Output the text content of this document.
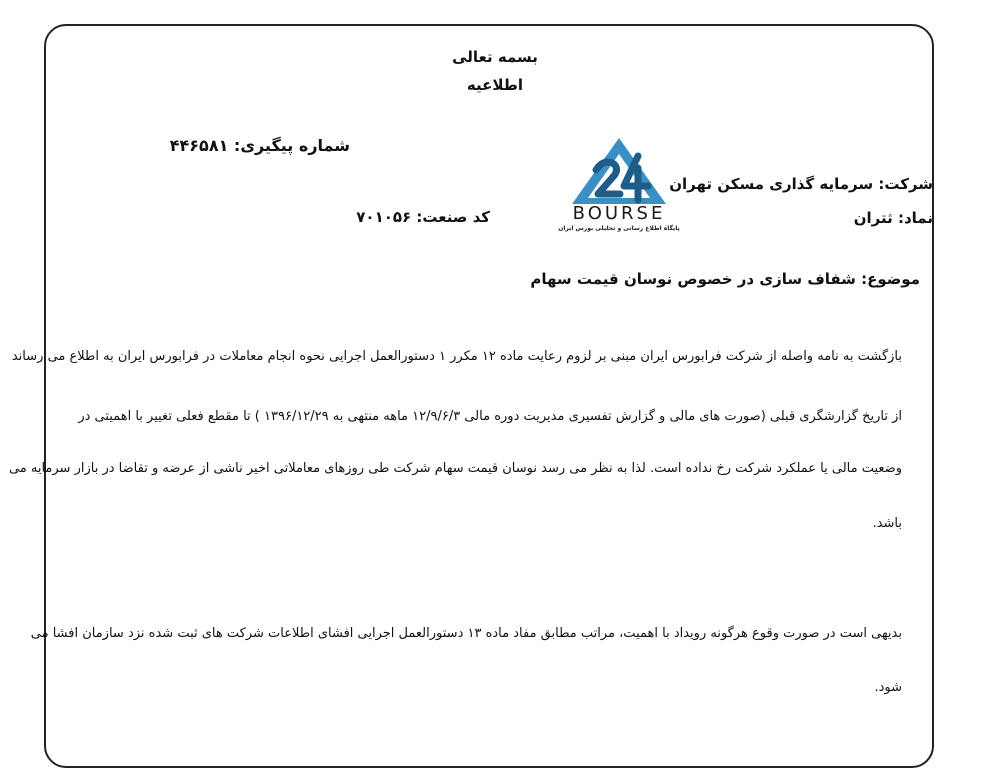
بسمه تعالی
اطلاعیه
شماره پیگیری: ۴۴۶۵۸۱
کد صنعت: ۷۰۱۰۵۶
شرکت: سرمایه گذاری مسکن تهران
نماد: ثتران
BOURSE
پایگاه اطلاع رسانی و تحلیلی بورس ایران
موضوع: شفاف سازی در خصوص نوسان قیمت سهام
بازگشت به نامه واصله از شرکت فرابورس ایران مبنی بر لزوم رعایت ماده ۱۲ مکرر ۱ دستورالعمل اجرایی نحوه انجام معاملات در فرابورس ایران به اطلاع می رساند
از تاریخ گزارشگری قبلی (صورت های مالی و گزارش تفسیری مدیریت دوره مالی ۱۲/۹/۶/۳ ماهه منتهی به ۱۳۹۶/۱۲/۲۹ ) تا مقطع فعلی تغییر با اهمیتی در
وضعیت مالی یا عملکرد شرکت رخ نداده است. لذا به نظر می رسد نوسان قیمت سهام شرکت طی روزهای معاملاتی اخیر ناشی از عرضه و تقاضا در بازار سرمایه می
باشد.
بدیهی است در صورت وقوع هرگونه رویداد با اهمیت، مراتب مطابق مفاد ماده ۱۳ دستورالعمل اجرایی افشای اطلاعات شرکت های ثبت شده نزد سازمان افشا می
شود.
